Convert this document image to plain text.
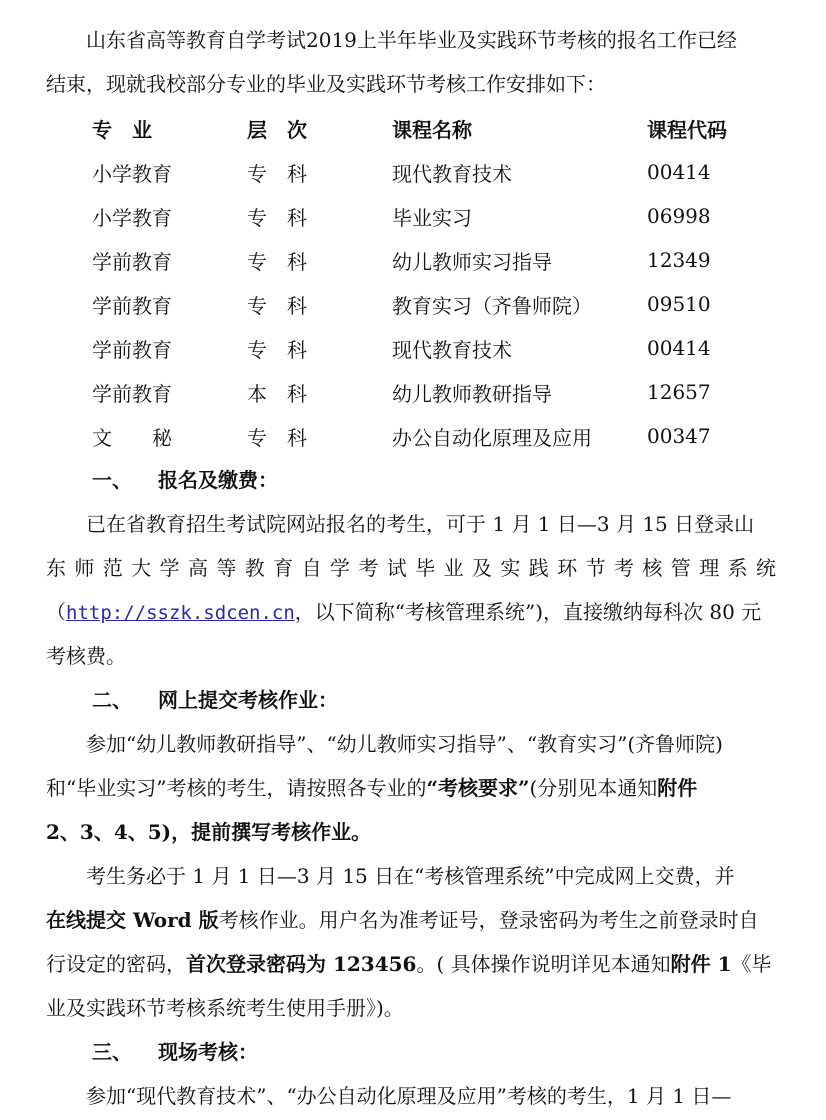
山东省高等教育自学考试2019上半年毕业及实践环节考核的报名工作已经

结束，现就我校部分专业的毕业及实践环节考核工作安排如下：

专　业	层　次	课程名称	课程代码
小学教育	专　科	现代教育技术	00414
小学教育	专　科	毕业实习	06998
学前教育	专　科	幼儿教师实习指导	12349
学前教育	专　科	教育实习（齐鲁师院）	09510
学前教育	专　科	现代教育技术	00414
学前教育	本　科	幼儿教师教研指导	12657
文　　秘	专　科	办公自动化原理及应用	00347
一、 报名及缴费：

已在省教育招生考试院网站报名的考生，可于 1 月 1 日—3 月 15 日登录山

东师范大学高等教育自学考试毕业及实践环节考核管理系统

（http://sszk.sdcen.cn，以下简称“考核管理系统”)，直接缴纳每科次 80 元

考核费。

二、 网上提交考核作业：

参加“幼儿教师教研指导”、“幼儿教师实习指导”、“教育实习”(齐鲁师院)

和“毕业实习”考核的考生，请按照各专业的“考核要求”(分别见本通知附件

2、3、4、5)，提前撰写考核作业。

考生务必于 1 月 1 日—3 月 15 日在“考核管理系统”中完成网上交费，并

在线提交 Word 版考核作业。用户名为准考证号，登录密码为考生之前登录时自

行设定的密码，首次登录密码为 123456。( 具体操作说明详见本通知附件 1《毕

业及实践环节考核系统考生使用手册》)。

三、 现场考核：

参加“现代教育技术”、“办公自动化原理及应用”考核的考生，1 月 1 日—
